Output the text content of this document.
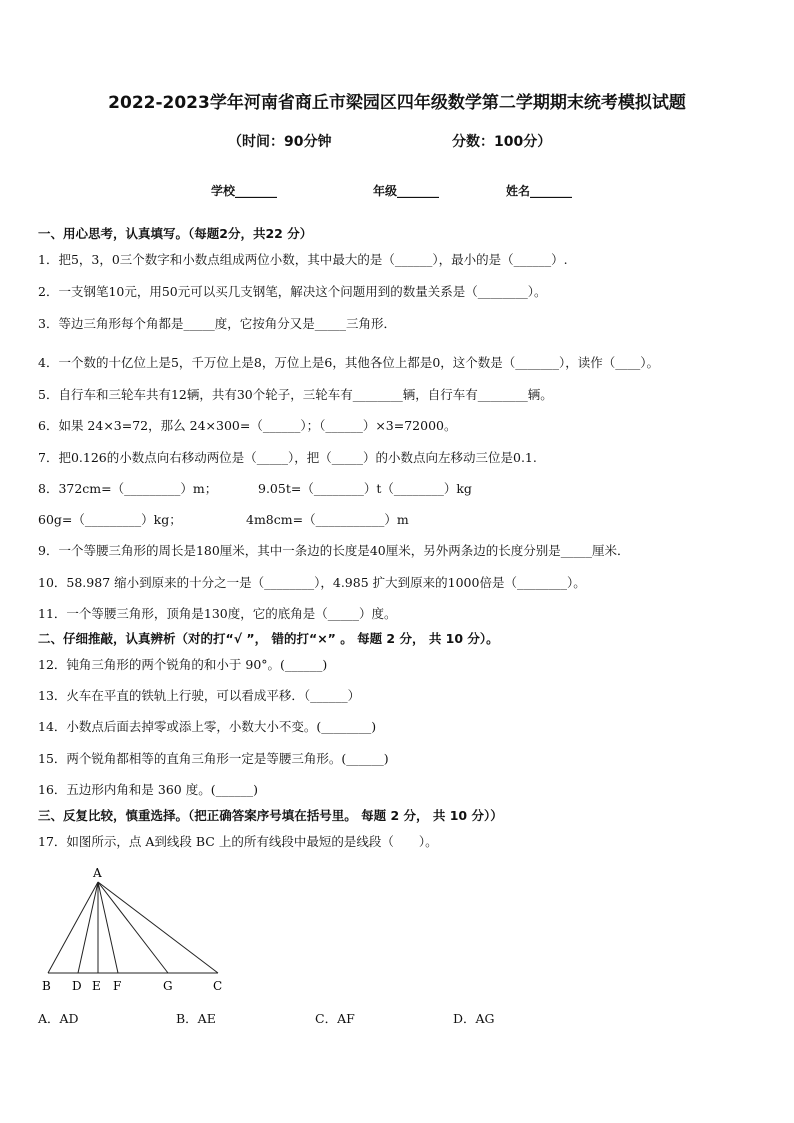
2022-2023学年河南省商丘市梁园区四年级数学第二学期期末统考模拟试题
（时间：90分钟	分数：100分）
学校_______	年级_______	姓名_______
一、用心思考，认真填写。（每题2分，共22 分）
1．把5，3，0三个数字和小数点组成两位小数，其中最大的是（______），最小的是（______）.
2．一支钢笔10元，用50元可以买几支钢笔，解决这个问题用到的数量关系是（________）。
3．等边三角形每个角都是_____度，它按角分又是_____三角形．
4．一个数的十亿位上是5，千万位上是8，万位上是6，其他各位上都是0，这个数是（_______），读作（____）。
5．自行车和三轮车共有12辆，共有30个轮子，三轮车有________辆，自行车有________辆。
6．如果 24×3=72，那么 24×300=（______）；（______）×3=72000。
7．把0.126的小数点向右移动两位是（_____），把（_____）的小数点向左移动三位是0.1.
8．372cm=（_________）m；	9.05t=（________）t（________）kg
60g=（_________）kg；	4m8cm=（___________）m
9．一个等腰三角形的周长是180厘米，其中一条边的长度是40厘米，另外两条边的长度分别是_____厘米．
10．58.987 缩小到原来的十分之一是（________），4.985 扩大到原来的1000倍是（________）。
11．一个等腰三角形，顶角是130度，它的底角是（_____）度。
二、仔细推敲，认真辨析（对的打“√ ”， 错的打“×” 。 每题 2 分， 共 10 分）。
12．钝角三角形的两个锐角的和小于 90°。(______)
13．火车在平直的铁轨上行驶，可以看成平移．（______）
14．小数点后面去掉零或添上零，小数大小不变。(________)
15．两个锐角都相等的直角三角形一定是等腰三角形。(______)
16．五边形内角和是 360 度。(______)
三、反复比较，慎重选择。（把正确答案序号填在括号里。 每题 2 分， 共 10 分））
17．如图所示，点 A到线段 BC 上的所有线段中最短的是线段（　　）。
A
B D E F	G	C
A．AD	B．AE	C．AF	D．AG
